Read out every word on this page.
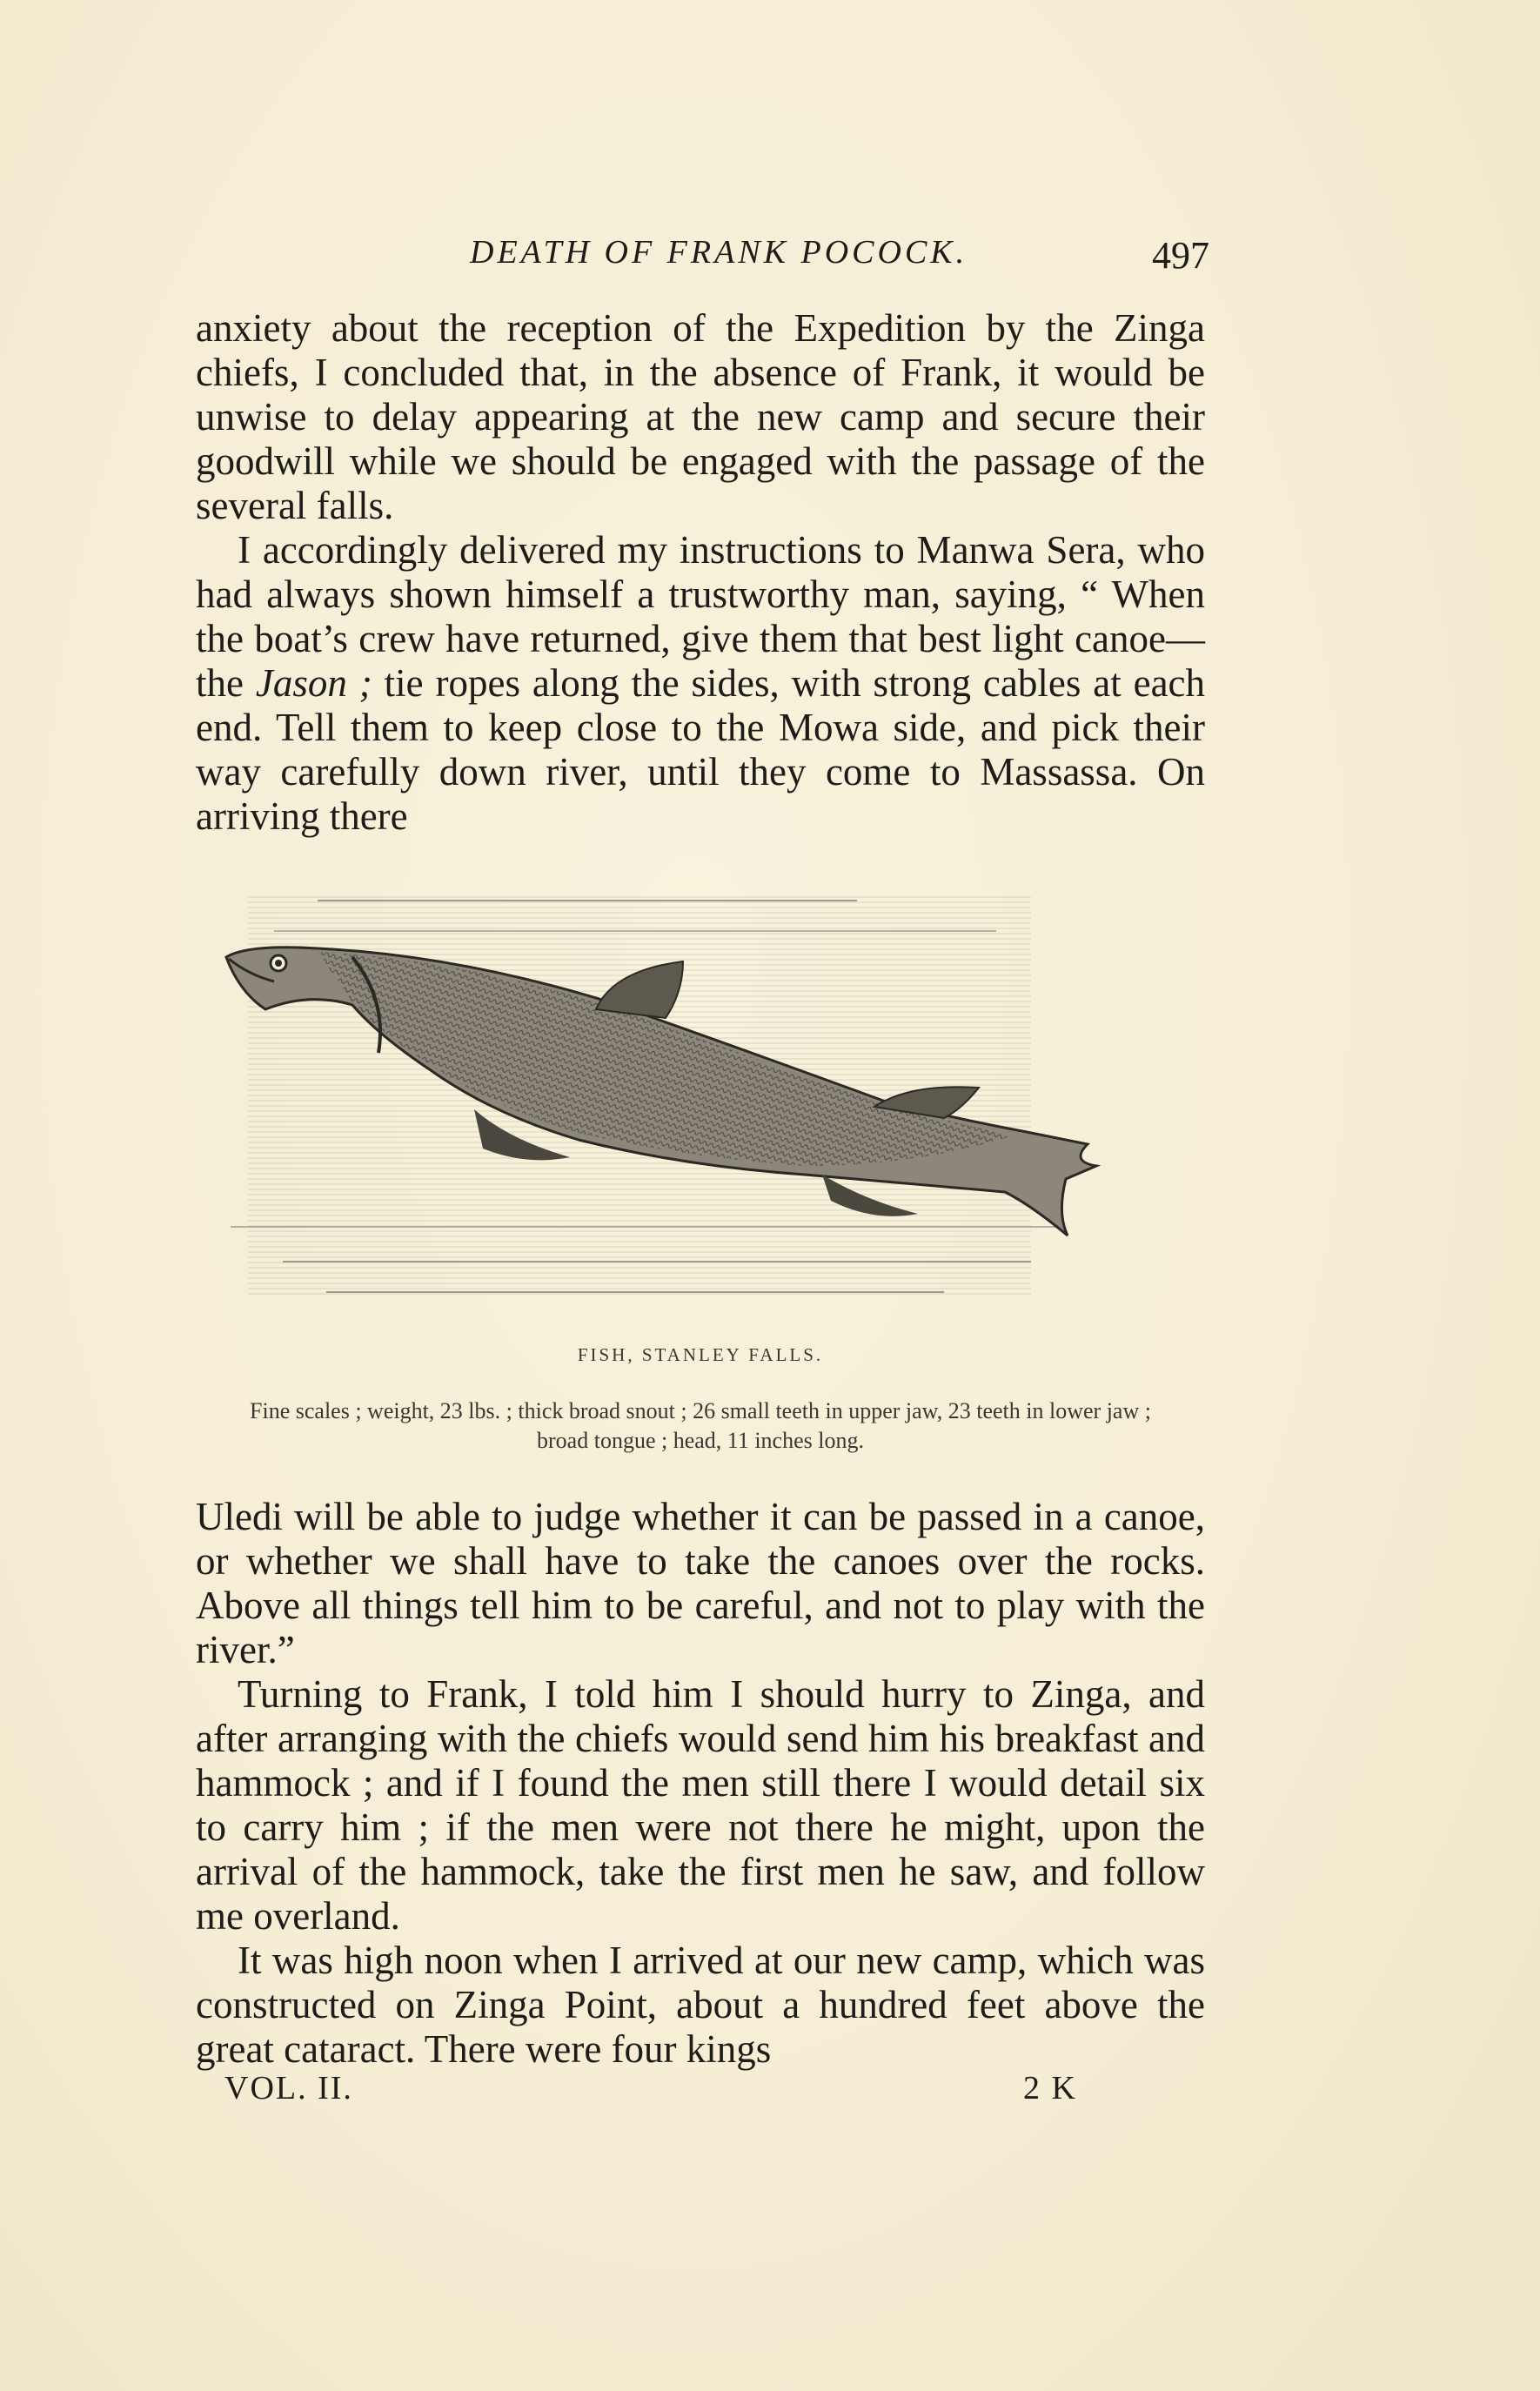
DEATH OF FRANK POCOCK.	497

anxiety about the reception of the Expedition by the Zinga chiefs, I concluded that, in the absence of Frank, it would be unwise to delay appearing at the new camp and secure their goodwill while we should be engaged with the passage of the several falls.

I accordingly delivered my instructions to Manwa Sera, who had always shown himself a trustworthy man, saying, “ When the boat’s crew have returned, give them that best light canoe—the Jason ; tie ropes along the sides, with strong cables at each end. Tell them to keep close to the Mowa side, and pick their way carefully down river, until they come to Massassa. On arriving there

FISH, STANLEY FALLS.
Fine scales ; weight, 23 lbs. ; thick broad snout ; 26 small teeth in upper jaw, 23 teeth in lower jaw ; broad tongue ; head, 11 inches long.

Uledi will be able to judge whether it can be passed in a canoe, or whether we shall have to take the canoes over the rocks. Above all things tell him to be careful, and not to play with the river.”

Turning to Frank, I told him I should hurry to Zinga, and after arranging with the chiefs would send him his breakfast and hammock ; and if I found the men still there I would detail six to carry him ; if the men were not there he might, upon the arrival of the hammock, take the first men he saw, and follow me overland.

It was high noon when I arrived at our new camp, which was constructed on Zinga Point, about a hundred feet above the great cataract. There were four kings

VOL. II.	2 K
